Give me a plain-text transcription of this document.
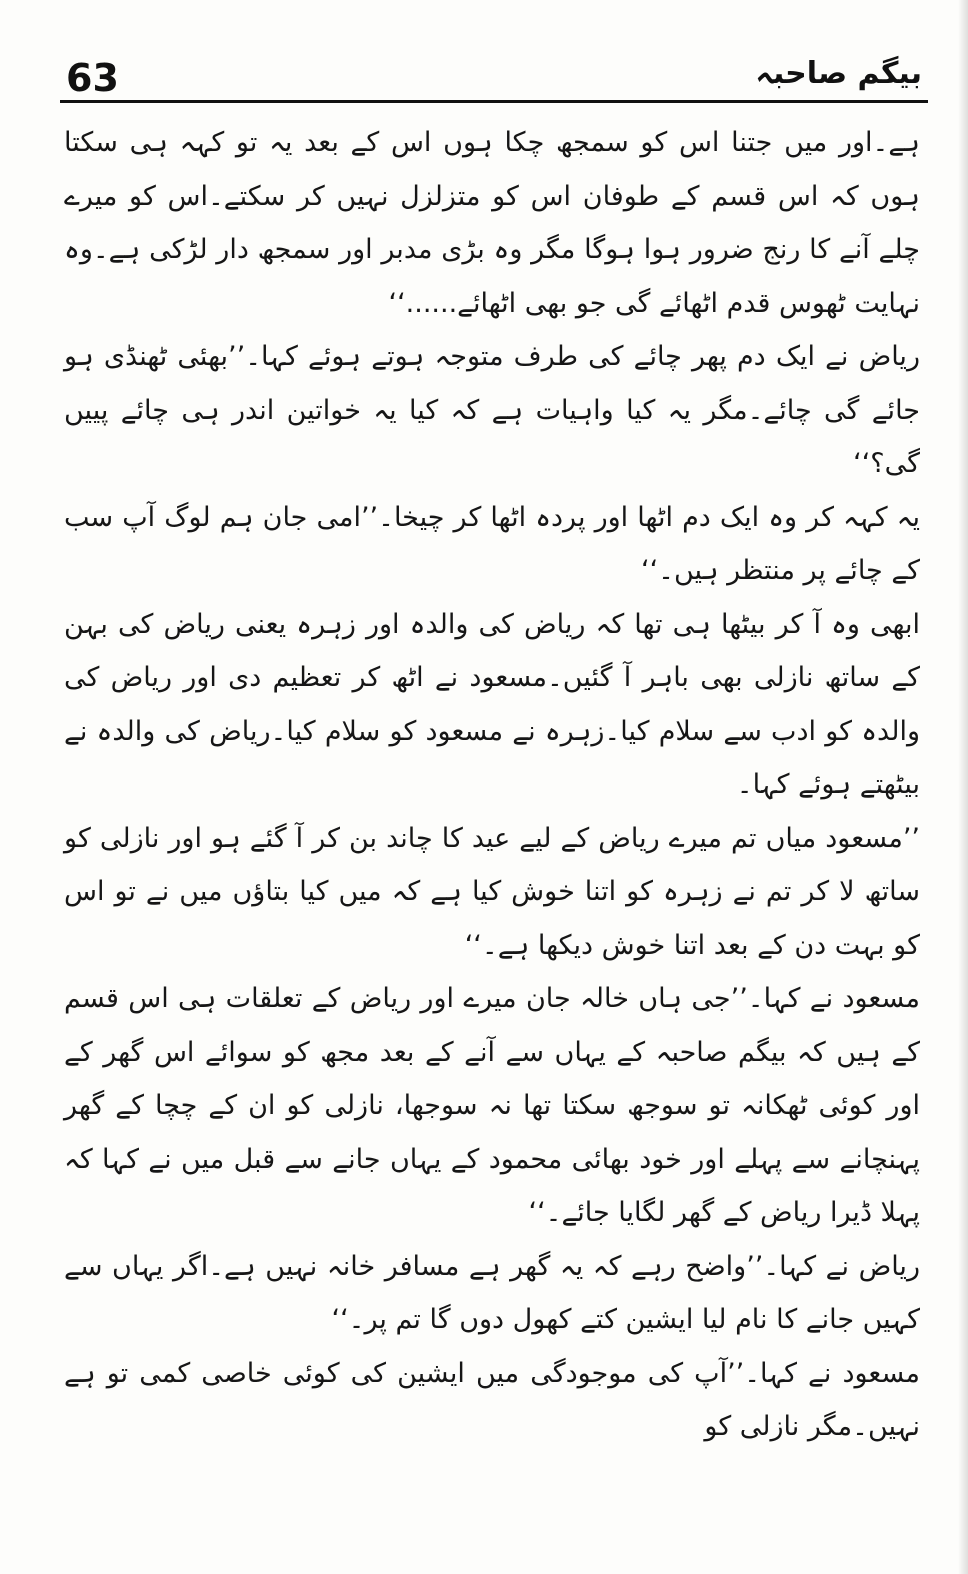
63	بیگم صاحبہ

ہے۔اور میں جتنا اس کو سمجھ چکا ہوں اس کے بعد یہ تو کہہ ہی سکتا ہوں کہ اس قسم کے طوفان اس کو متزلزل نہیں کر سکتے۔اس کو میرے چلے آنے کا رنج ضرور ہوا ہوگا مگر وہ بڑی مدبر اور سمجھ دار لڑکی ہے۔وہ نہایت ٹھوس قدم اٹھائے گی جو بھی اٹھائے......‘‘

ریاض نے ایک دم پھر چائے کی طرف متوجہ ہوتے ہوئے کہا۔’’بھئی ٹھنڈی ہو جائے گی چائے۔مگر یہ کیا واہیات ہے کہ کیا یہ خواتین اندر ہی چائے پییں گی؟‘‘

یہ کہہ کر وہ ایک دم اٹھا اور پردہ اٹھا کر چیخا۔’’امی جان ہم لوگ آپ سب کے چائے پر منتظر ہیں۔‘‘

ابھی وہ آ کر بیٹھا ہی تھا کہ ریاض کی والدہ اور زہرہ یعنی ریاض کی بہن کے ساتھ نازلی بھی باہر آ گئیں۔مسعود نے اٹھ کر تعظیم دی اور ریاض کی والدہ کو ادب سے سلام کیا۔زہرہ نے مسعود کو سلام کیا۔ریاض کی والدہ نے بیٹھتے ہوئے کہا۔

’’مسعود میاں تم میرے ریاض کے لیے عید کا چاند بن کر آ گئے ہو اور نازلی کو ساتھ لا کر تم نے زہرہ کو اتنا خوش کیا ہے کہ میں کیا بتاؤں میں نے تو اس کو بہت دن کے بعد اتنا خوش دیکھا ہے۔‘‘

مسعود نے کہا۔’’جی ہاں خالہ جان میرے اور ریاض کے تعلقات ہی اس قسم کے ہیں کہ بیگم صاحبہ کے یہاں سے آنے کے بعد مجھ کو سوائے اس گھر کے اور کوئی ٹھکانہ تو سوجھ سکتا تھا نہ سوجھا، نازلی کو ان کے چچا کے گھر پہنچانے سے پہلے اور خود بھائی محمود کے یہاں جانے سے قبل میں نے کہا کہ پہلا ڈیرا ریاض کے گھر لگایا جائے۔‘‘

ریاض نے کہا۔’’واضح رہے کہ یہ گھر ہے مسافر خانہ نہیں ہے۔اگر یہاں سے کہیں جانے کا نام لیا ایشین کتے کھول دوں گا تم پر۔‘‘

مسعود نے کہا۔’’آپ کی موجودگی میں ایشین کی کوئی خاصی کمی تو ہے نہیں۔مگر نازلی کو
